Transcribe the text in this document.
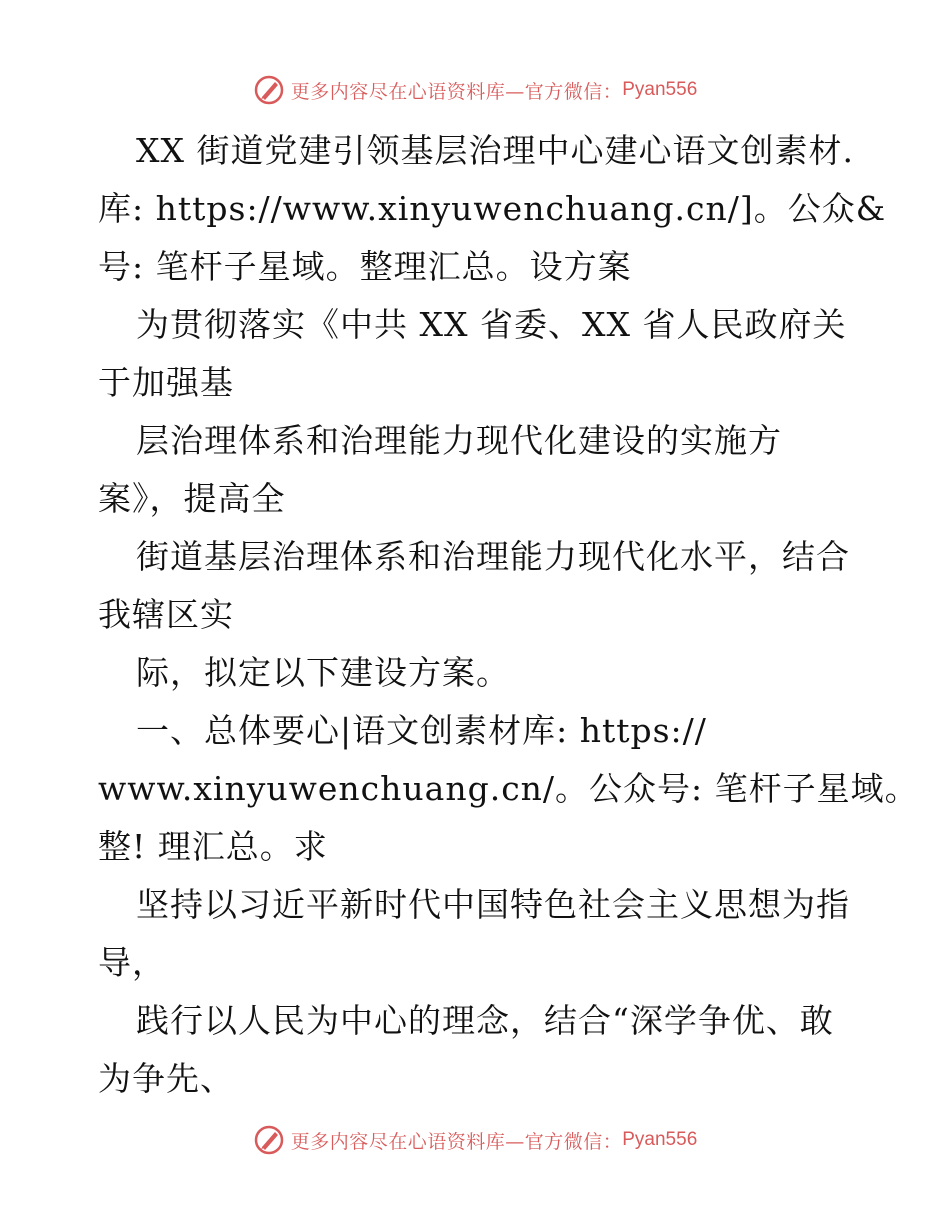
更多内容尽在心语资料库—官方微信： Pyan556
XX 街道党建引领基层治理中心建心语文创素材.
库: https://www.xinyuwenchuang.cn/]。公众&
号: 笔杆子星域。整理汇总。设方案
为贯彻落实《中共 XX 省委、XX 省人民政府关
于加强基
层治理体系和治理能力现代化建设的实施方
案》，提高全
街道基层治理体系和治理能力现代化水平，结合
我辖区实
际，拟定以下建设方案。
一、总体要心|语文创素材库: https://
www.xinyuwenchuang.cn/。公众号: 笔杆子星域。
整! 理汇总。求
坚持以习近平新时代中国特色社会主义思想为指
导，
践行以人民为中心的理念，结合“深学争优、敢
为争先、
更多内容尽在心语资料库—官方微信： Pyan556
